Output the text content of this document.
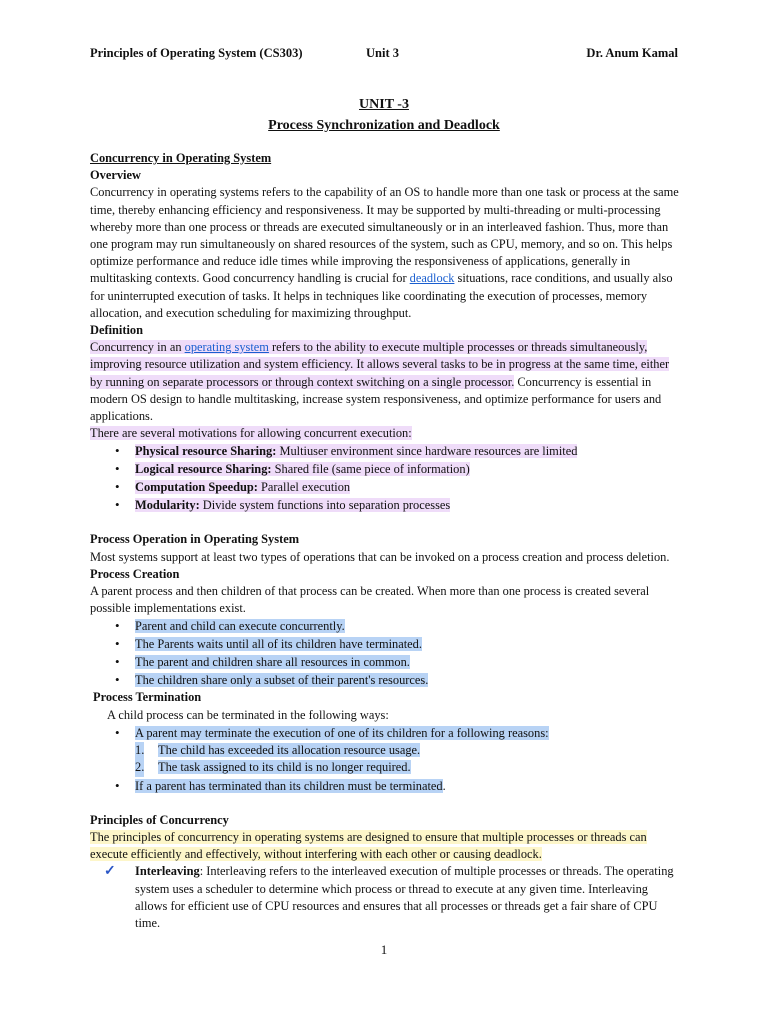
Principles of Operating System (CS303)	Unit 3	Dr. Anum Kamal
UNIT -3
Process Synchronization and Deadlock

Concurrency in Operating System

Overview

Concurrency in operating systems refers to the capability of an OS to handle more than one task or process at the same time, thereby enhancing efficiency and responsiveness. It may be supported by multi-threading or multi-processing whereby more than one process or threads are executed simultaneously or in an interleaved fashion. Thus, more than one program may run simultaneously on shared resources of the system, such as CPU, memory, and so on. This helps optimize performance and reduce idle times while improving the responsiveness of applications, generally in multitasking contexts. Good concurrency handling is crucial for deadlock situations, race conditions, and usually also for uninterrupted execution of tasks. It helps in techniques like coordinating the execution of processes, memory allocation, and execution scheduling for maximizing throughput.

Definition

Concurrency in an operating system refers to the ability to execute multiple processes or threads simultaneously, improving resource utilization and system efficiency. It allows several tasks to be in progress at the same time, either by running on separate processors or through context switching on a single processor. Concurrency is essential in modern OS design to handle multitasking, increase system responsiveness, and optimize performance for users and applications.

There are several motivations for allowing concurrent execution:

• Physical resource Sharing: Multiuser environment since hardware resources are limited
• Logical resource Sharing: Shared file (same piece of information)
• Computation Speedup: Parallel execution
• Modularity: Divide system functions into separation processes

Process Operation in Operating System

Most systems support at least two types of operations that can be invoked on a process creation and process deletion.

Process Creation

A parent process and then children of that process can be created. When more than one process is created several possible implementations exist.

• Parent and child can execute concurrently.
• The Parents waits until all of its children have terminated.
• The parent and children share all resources in common.
• The children share only a subset of their parent's resources.

Process Termination

A child process can be terminated in the following ways:

• A parent may terminate the execution of one of its children for a following reasons:
1. The child has exceeded its allocation resource usage.
2. The task assigned to its child is no longer required.
• If a parent has terminated than its children must be terminated.

Principles of Concurrency

The principles of concurrency in operating systems are designed to ensure that multiple processes or threads can execute efficiently and effectively, without interfering with each other or causing deadlock.

✓ Interleaving: Interleaving refers to the interleaved execution of multiple processes or threads. The operating system uses a scheduler to determine which process or thread to execute at any given time. Interleaving allows for efficient use of CPU resources and ensures that all processes or threads get a fair share of CPU time.

1
